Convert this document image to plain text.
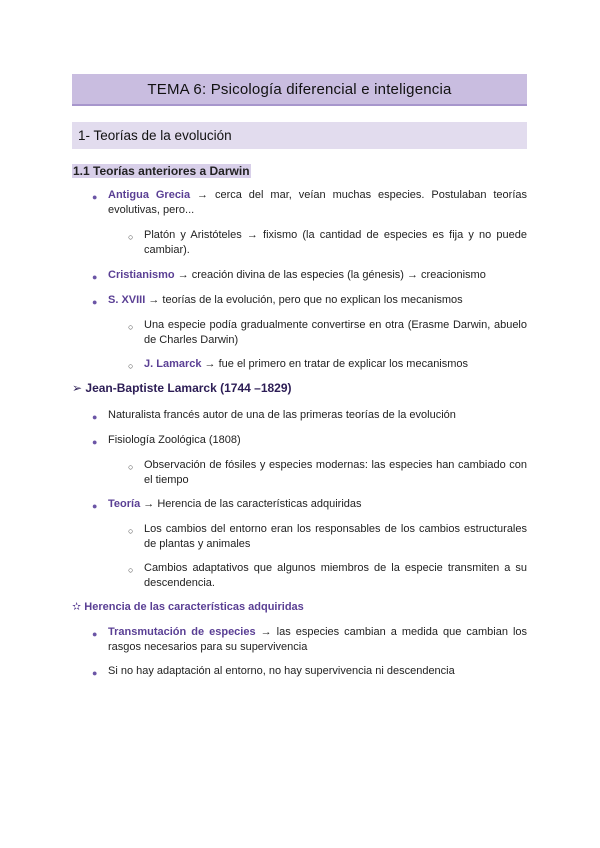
TEMA 6: Psicología diferencial e inteligencia
1- Teorías de la evolución
1.1 Teorías anteriores a Darwin
● Antigua Grecia → cerca del mar, veían muchas especies. Postulaban teorías evolutivas, pero...
○ Platón y Aristóteles → fixismo (la cantidad de especies es fija y no puede cambiar).
● Cristianismo → creación divina de las especies (la génesis) → creacionismo
● S. XVIII → teorías de la evolución, pero que no explican los mecanismos
○ Una especie podía gradualmente convertirse en otra (Erasme Darwin, abuelo de Charles Darwin)
○ J. Lamarck → fue el primero en tratar de explicar los mecanismos
➢ Jean-Baptiste Lamarck (1744 –1829)
● Naturalista francés autor de una de las primeras teorías de la evolución
● Fisiología Zoológica (1808)
○ Observación de fósiles y especies modernas: las especies han cambiado con el tiempo
● Teoría → Herencia de las características adquiridas
○ Los cambios del entorno eran los responsables de los cambios estructurales de plantas y animales
○ Cambios adaptativos que algunos miembros de la especie transmiten a su descendencia.
✫ Herencia de las características adquiridas
● Transmutación de especies → las especies cambian a medida que cambian los rasgos necesarios para su supervivencia
● Si no hay adaptación al entorno, no hay supervivencia ni descendencia
